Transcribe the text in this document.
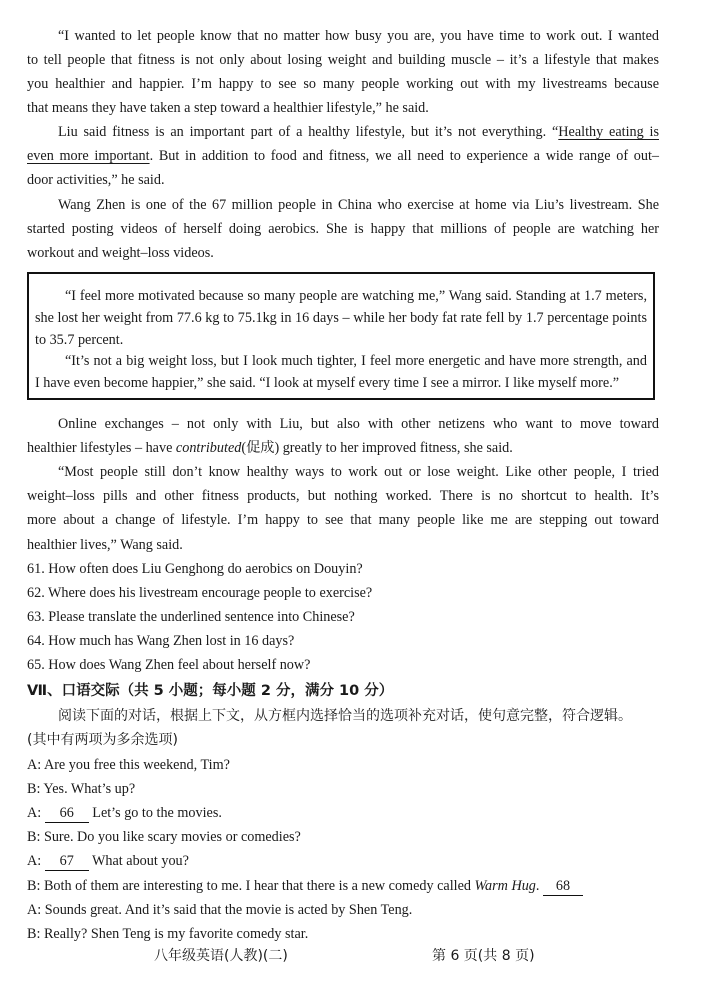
“I wanted to let people know that no matter how busy you are, you have time to work out. I wanted
to tell people that fitness is not only about losing weight and building muscle – it’s a lifestyle that makes
you healthier and happier. I’m happy to see so many people working out with my livestreams because
that means they have taken a step toward a healthier lifestyle,” he said.
Liu said fitness is an important part of a healthy lifestyle, but it’s not everything. “Healthy eating is
even more important. But in addition to food and fitness, we all need to experience a wide range of out–
door activities,” he said.
Wang Zhen is one of the 67 million people in China who exercise at home via Liu’s livestream. She
started posting videos of herself doing aerobics. She is happy that millions of people are watching her
workout and weight–loss videos.
“I feel more motivated because so many people are watching me,” Wang said. Standing at 1.7 meters,
she lost her weight from 77.6 kg to 75.1kg in 16 days – while her body fat rate fell by 1.7 percentage points
to 35.7 percent.
“It’s not a big weight loss, but I look much tighter, I feel more energetic and have more strength, and
I have even become happier,” she said. “I look at myself every time I see a mirror. I like myself more.”
Online exchanges – not only with Liu, but also with other netizens who want to move toward
healthier lifestyles – have contributed(促成) greatly to her improved fitness, she said.
“Most people still don’t know healthy ways to work out or lose weight. Like other people, I tried
weight–loss pills and other fitness products, but nothing worked. There is no shortcut to health. It’s
more about a change of lifestyle. I’m happy to see that many people like me are stepping out toward
healthier lives,” Wang said.
61. How often does Liu Genghong do aerobics on Douyin?
62. Where does his livestream encourage people to exercise?
63. Please translate the underlined sentence into Chinese?
64. How much has Wang Zhen lost in 16 days?
65. How does Wang Zhen feel about herself now?
Ⅶ、口语交际（共 5 小题；每小题 2 分，满分 10 分）
阅读下面的对话，根据上下文，从方框内选择恰当的选项补充对话，使句意完整，符合逻辑。
(其中有两项为多余选项)
A: Are you free this weekend, Tim?
B: Yes. What’s up?
A: 66 Let’s go to the movies.
B: Sure. Do you like scary movies or comedies?
A: 67 What about you?
B: Both of them are interesting to me. I hear that there is a new comedy called Warm Hug. 68
A: Sounds great. And it’s said that the movie is acted by Shen Teng.
B: Really? Shen Teng is my favorite comedy star.
八年级英语(人教)(二)	第 6 页(共 8 页)
